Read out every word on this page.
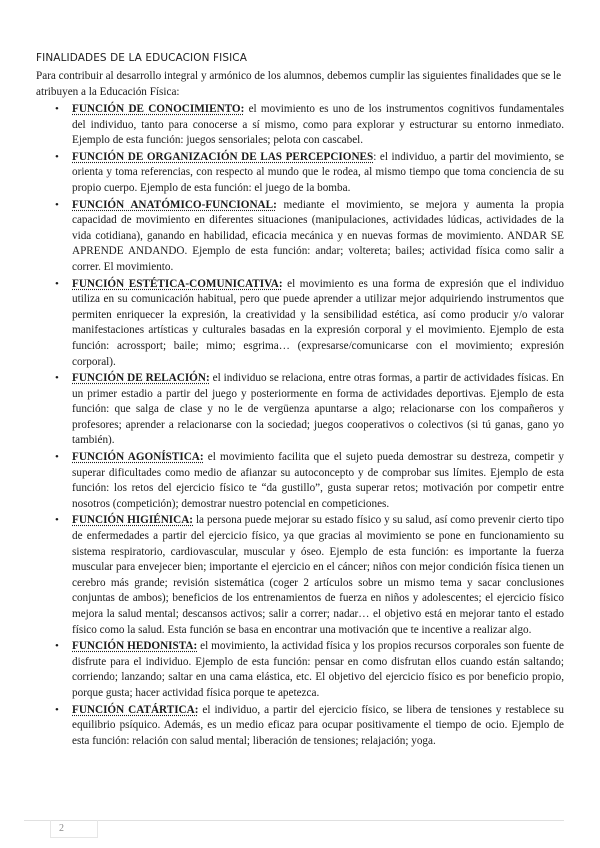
FINALIDADES DE LA EDUCACION FISICA

Para contribuir al desarrollo integral y armónico de los alumnos, debemos cumplir las siguientes finalidades que se le atribuyen a la Educación Física:

• FUNCIÓN DE CONOCIMIENTO: el movimiento es uno de los instrumentos cognitivos fundamentales del individuo, tanto para conocerse a sí mismo, como para explorar y estructurar su entorno inmediato. Ejemplo de esta función: juegos sensoriales; pelota con cascabel.
• FUNCIÓN DE ORGANIZACIÓN DE LAS PERCEPCIONES: el individuo, a partir del movimiento, se orienta y toma referencias, con respecto al mundo que le rodea, al mismo tiempo que toma conciencia de su propio cuerpo. Ejemplo de esta función: el juego de la bomba.
• FUNCIÓN ANATÓMICO-FUNCIONAL: mediante el movimiento, se mejora y aumenta la propia capacidad de movimiento en diferentes situaciones (manipulaciones, actividades lúdicas, actividades de la vida cotidiana), ganando en habilidad, eficacia mecánica y en nuevas formas de movimiento. ANDAR SE APRENDE ANDANDO. Ejemplo de esta función: andar; voltereta; bailes; actividad física como salir a correr. El movimiento.
• FUNCIÓN ESTÉTICA-COMUNICATIVA: el movimiento es una forma de expresión que el individuo utiliza en su comunicación habitual, pero que puede aprender a utilizar mejor adquiriendo instrumentos que permiten enriquecer la expresión, la creatividad y la sensibilidad estética, así como producir y/o valorar manifestaciones artísticas y culturales basadas en la expresión corporal y el movimiento. Ejemplo de esta función: acrossport; baile; mimo; esgrima… (expresarse/comunicarse con el movimiento; expresión corporal).
• FUNCIÓN DE RELACIÓN: el individuo se relaciona, entre otras formas, a partir de actividades físicas. En un primer estadio a partir del juego y posteriormente en forma de actividades deportivas. Ejemplo de esta función: que salga de clase y no le de vergüenza apuntarse a algo; relacionarse con los compañeros y profesores; aprender a relacionarse con la sociedad; juegos cooperativos o colectivos (si tú ganas, gano yo también).
• FUNCIÓN AGONÍSTICA: el movimiento facilita que el sujeto pueda demostrar su destreza, competir y superar dificultades como medio de afianzar su autoconcepto y de comprobar sus límites. Ejemplo de esta función: los retos del ejercicio físico te “da gustillo”, gusta superar retos; motivación por competir entre nosotros (competición); demostrar nuestro potencial en competiciones.
• FUNCIÓN HIGIÉNICA: la persona puede mejorar su estado físico y su salud, así como prevenir cierto tipo de enfermedades a partir del ejercicio físico, ya que gracias al movimiento se pone en funcionamiento su sistema respiratorio, cardiovascular, muscular y óseo. Ejemplo de esta función: es importante la fuerza muscular para envejecer bien; importante el ejercicio en el cáncer; niños con mejor condición física tienen un cerebro más grande; revisión sistemática (coger 2 artículos sobre un mismo tema y sacar conclusiones conjuntas de ambos); beneficios de los entrenamientos de fuerza en niños y adolescentes; el ejercicio físico mejora la salud mental; descansos activos; salir a correr; nadar… el objetivo está en mejorar tanto el estado físico como la salud. Esta función se basa en encontrar una motivación que te incentive a realizar algo.
• FUNCIÓN HEDONISTA: el movimiento, la actividad física y los propios recursos corporales son fuente de disfrute para el individuo. Ejemplo de esta función: pensar en como disfrutan ellos cuando están saltando; corriendo; lanzando; saltar en una cama elástica, etc. El objetivo del ejercicio físico es por beneficio propio, porque gusta; hacer actividad física porque te apetezca.
• FUNCIÓN CATÁRTICA: el individuo, a partir del ejercicio físico, se libera de tensiones y restablece su equilibrio psíquico. Además, es un medio eficaz para ocupar positivamente el tiempo de ocio. Ejemplo de esta función: relación con salud mental; liberación de tensiones; relajación; yoga.
2
